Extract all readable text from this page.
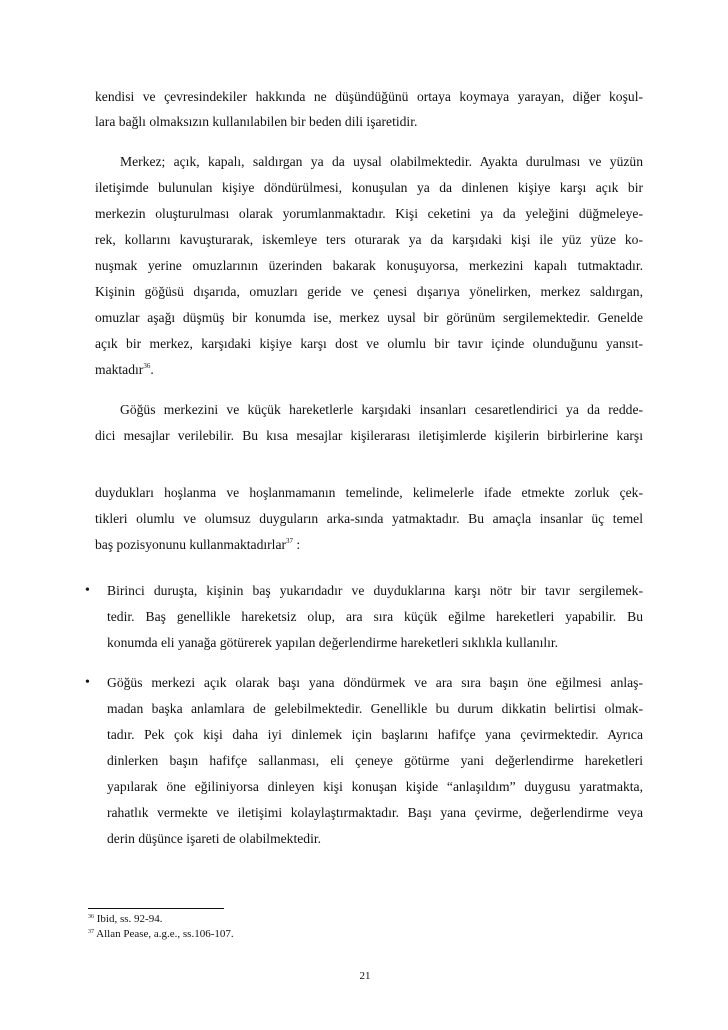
kendisi ve çevresindekiler hakkında ne düşündüğünü ortaya koymaya yarayan, diğer koşul-
lara bağlı olmaksızın kullanılabilen bir beden dili işaretidir.
Merkez; açık, kapalı, saldırgan ya da uysal olabilmektedir. Ayakta durulması ve yüzün
iletişimde bulunulan kişiye döndürülmesi, konuşulan ya da dinlenen kişiye karşı açık bir
merkezin oluşturulması olarak yorumlanmaktadır. Kişi ceketini ya da yeleğini düğmeleye-
rek, kollarını kavuşturarak, iskemleye ters oturarak ya da karşıdaki kişi ile yüz yüze ko-
nuşmak yerine omuzlarının üzerinden bakarak konuşuyorsa, merkezini kapalı tutmaktadır.
Kişinin göğüsü dışarıda, omuzları geride ve çenesi dışarıya yönelirken, merkez saldırgan,
omuzlar aşağı düşmüş bir konumda ise, merkez uysal bir görünüm sergilemektedir. Genelde
açık bir merkez, karşıdaki kişiye karşı dost ve olumlu bir tavır içinde olunduğunu yansıt-
maktadır$^{36}$.
Göğüs merkezini ve küçük hareketlerle karşıdaki insanları cesaretlendirici ya da redde-
dici mesajlar verilebilir. Bu kısa mesajlar kişilerarası iletişimlerde kişilerin birbirlerine karşı
duydukları hoşlanma ve hoşlanmamanın temelinde, kelimelerle ifade etmekte zorluk çek-
tikleri olumlu ve olumsuz duyguların arka-sında yatmaktadır. Bu amaçla insanlar üç temel
baş pozisyonunu kullanmaktadırlar$^{37}$ :
• Birinci duruşta, kişinin baş yukarıdadır ve duyduklarına karşı nötr bir tavır sergilemek-
tedir. Baş genellikle hareketsiz olup, ara sıra küçük eğilme hareketleri yapabilir. Bu
konumda eli yanağa götürerek yapılan değerlendirme hareketleri sıklıkla kullanılır.
• Göğüs merkezi açık olarak başı yana döndürmek ve ara sıra başın öne eğilmesi anlaş-
madan başka anlamlara de gelebilmektedir. Genellikle bu durum dikkatin belirtisi olmak-
tadır. Pek çok kişi daha iyi dinlemek için başlarını hafifçe yana çevirmektedir. Ayrıca
dinlerken başın hafifçe sallanması, eli çeneye götürme yani değerlendirme hareketleri
yapılarak öne eğiliniyorsa dinleyen kişi konuşan kişide “anlaşıldım” duygusu yaratmakta,
rahatlık vermekte ve iletişimi kolaylaştırmaktadır. Başı yana çevirme, değerlendirme veya
derin düşünce işareti de olabilmektedir.
$^{36}$ Ibid, ss. 92-94.
$^{37}$ Allan Pease, a.g.e., ss.106-107.
21
